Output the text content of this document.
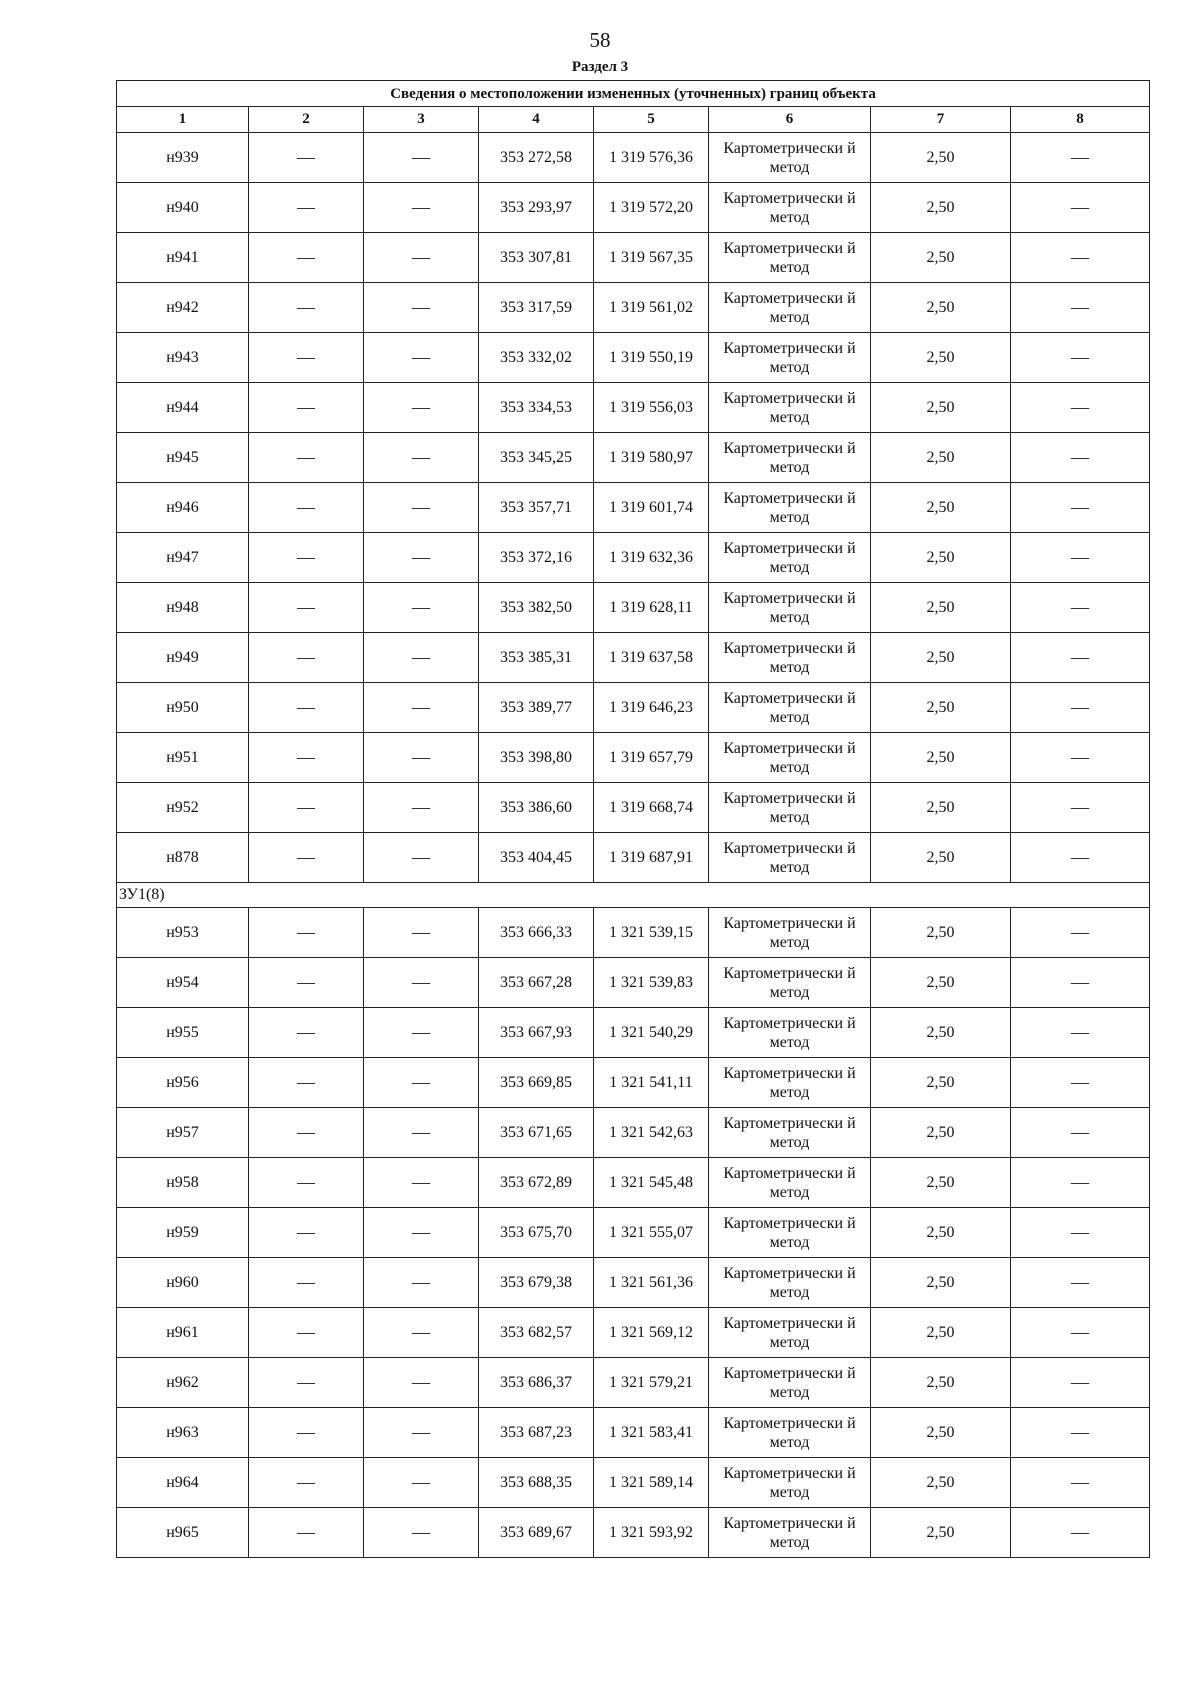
58
Раздел 3
Сведения о местоположении измененных (уточненных) границ объекта							
1	2	3	4	5	6	7	8
н939	—	—	353 272,58	1 319 576,36	Картометрически й метод	2,50	—
н940	—	—	353 293,97	1 319 572,20	Картометрически й метод	2,50	—
н941	—	—	353 307,81	1 319 567,35	Картометрически й метод	2,50	—
н942	—	—	353 317,59	1 319 561,02	Картометрически й метод	2,50	—
н943	—	—	353 332,02	1 319 550,19	Картометрически й метод	2,50	—
н944	—	—	353 334,53	1 319 556,03	Картометрически й метод	2,50	—
н945	—	—	353 345,25	1 319 580,97	Картометрически й метод	2,50	—
н946	—	—	353 357,71	1 319 601,74	Картометрически й метод	2,50	—
н947	—	—	353 372,16	1 319 632,36	Картометрически й метод	2,50	—
н948	—	—	353 382,50	1 319 628,11	Картометрически й метод	2,50	—
н949	—	—	353 385,31	1 319 637,58	Картометрически й метод	2,50	—
н950	—	—	353 389,77	1 319 646,23	Картометрически й метод	2,50	—
н951	—	—	353 398,80	1 319 657,79	Картометрически й метод	2,50	—
н952	—	—	353 386,60	1 319 668,74	Картометрически й метод	2,50	—
н878	—	—	353 404,45	1 319 687,91	Картометрически й метод	2,50	—
ЗУ1(8)							
н953	—	—	353 666,33	1 321 539,15	Картометрически й метод	2,50	—
н954	—	—	353 667,28	1 321 539,83	Картометрически й метод	2,50	—
н955	—	—	353 667,93	1 321 540,29	Картометрически й метод	2,50	—
н956	—	—	353 669,85	1 321 541,11	Картометрически й метод	2,50	—
н957	—	—	353 671,65	1 321 542,63	Картометрически й метод	2,50	—
н958	—	—	353 672,89	1 321 545,48	Картометрически й метод	2,50	—
н959	—	—	353 675,70	1 321 555,07	Картометрически й метод	2,50	—
н960	—	—	353 679,38	1 321 561,36	Картометрически й метод	2,50	—
н961	—	—	353 682,57	1 321 569,12	Картометрически й метод	2,50	—
н962	—	—	353 686,37	1 321 579,21	Картометрически й метод	2,50	—
н963	—	—	353 687,23	1 321 583,41	Картометрически й метод	2,50	—
н964	—	—	353 688,35	1 321 589,14	Картометрически й метод	2,50	—
н965	—	—	353 689,67	1 321 593,92	Картометрически й метод	2,50	—
